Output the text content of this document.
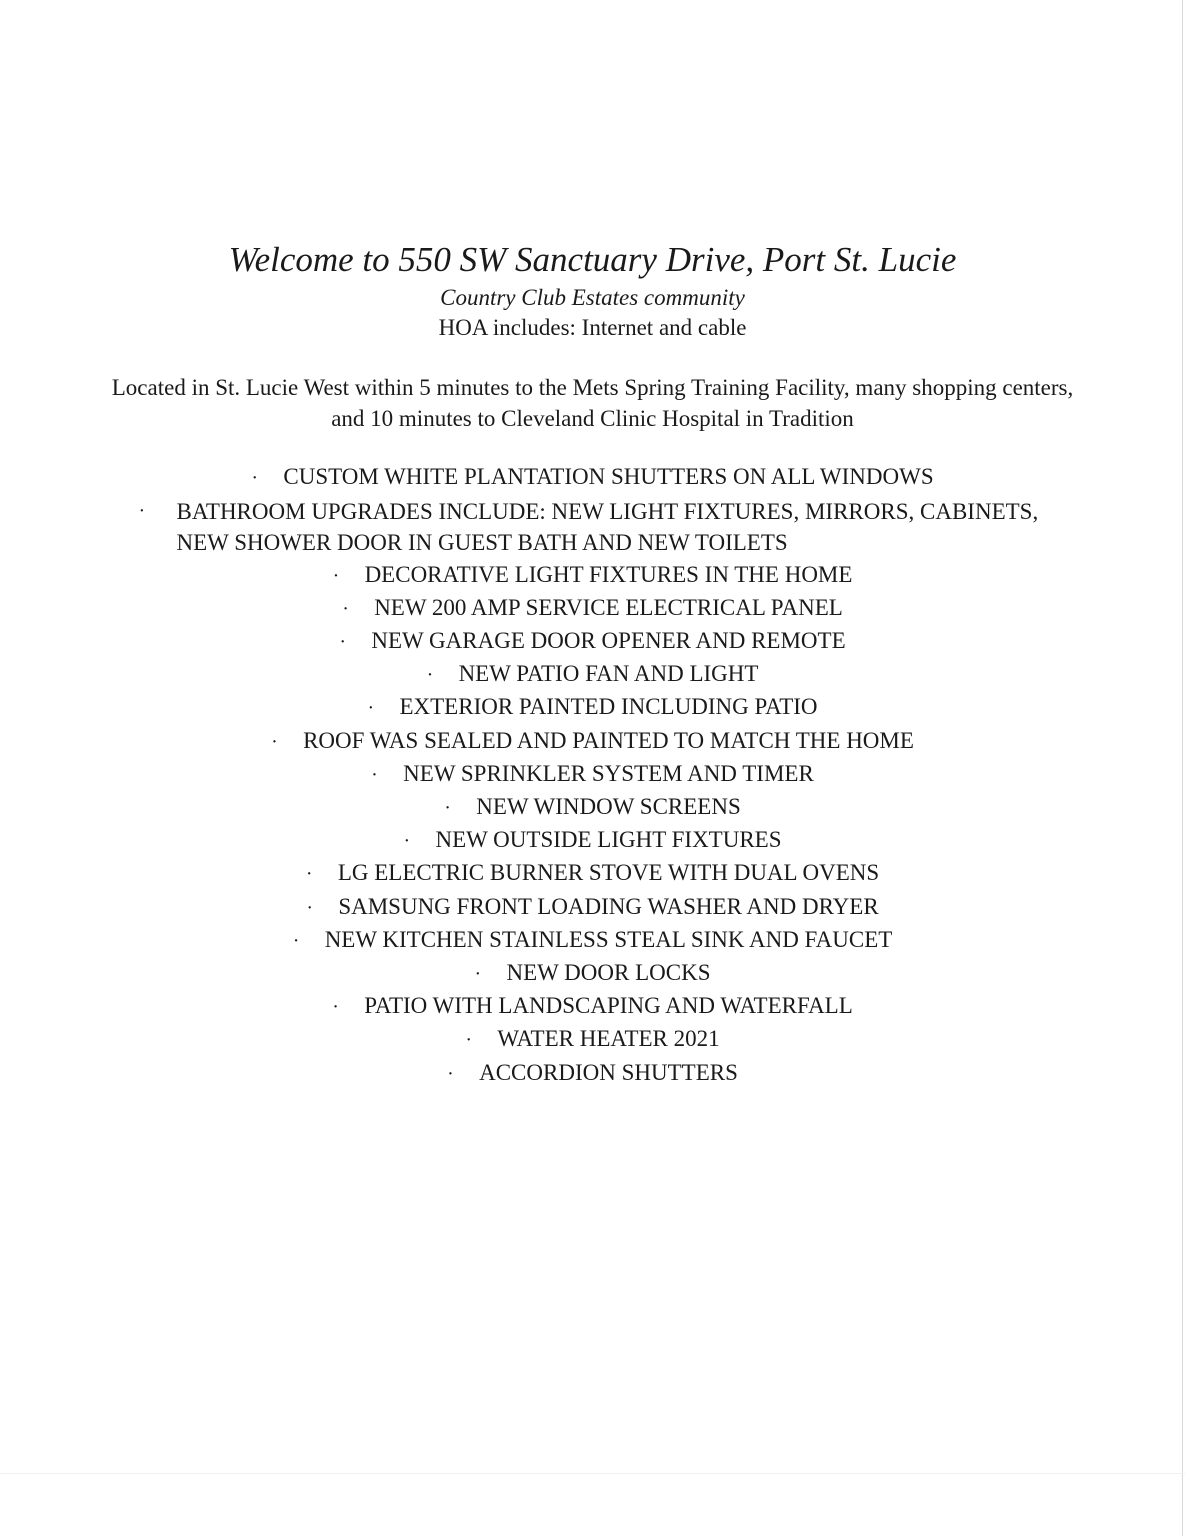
Welcome to 550 SW Sanctuary Drive, Port St. Lucie

Country Club Estates community

HOA includes: Internet and cable

Located in St. Lucie West within 5 minutes to the Mets Spring Training Facility, many shopping centers, and 10 minutes to Cleveland Clinic Hospital in Tradition

· CUSTOM WHITE PLANTATION SHUTTERS ON ALL WINDOWS
·	BATHROOM UPGRADES INCLUDE: NEW LIGHT FIXTURES, MIRRORS, CABINETS, NEW SHOWER DOOR IN GUEST BATH AND NEW TOILETS
· DECORATIVE LIGHT FIXTURES IN THE HOME
· NEW 200 AMP SERVICE ELECTRICAL PANEL
· NEW GARAGE DOOR OPENER AND REMOTE
· NEW PATIO FAN AND LIGHT
· EXTERIOR PAINTED INCLUDING PATIO
· ROOF WAS SEALED AND PAINTED TO MATCH THE HOME
· NEW SPRINKLER SYSTEM AND TIMER
· NEW WINDOW SCREENS
· NEW OUTSIDE LIGHT FIXTURES
· LG ELECTRIC BURNER STOVE WITH DUAL OVENS
· SAMSUNG FRONT LOADING WASHER AND DRYER
· NEW KITCHEN STAINLESS STEAL SINK AND FAUCET
· NEW DOOR LOCKS
· PATIO WITH LANDSCAPING AND WATERFALL
· WATER HEATER 2021
· ACCORDION SHUTTERS
